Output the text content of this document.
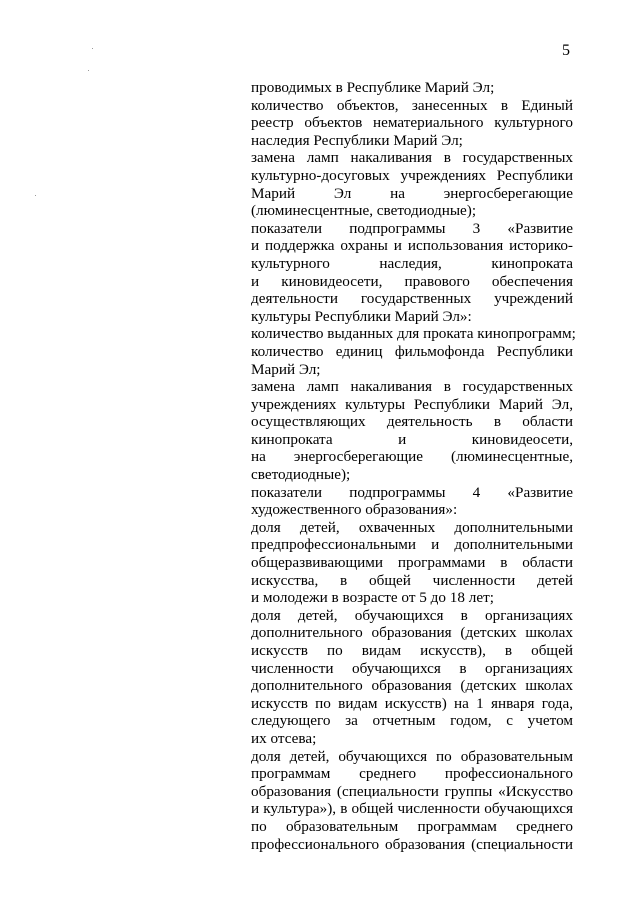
5
проводимых в Республике Марий Эл;
количество объектов, занесенных в Единый
реестр объектов нематериального культурного
наследия Республики Марий Эл;
замена ламп накаливания в государственных
культурно-досуговых учреждениях Республики
Марий Эл на энергосберегающие
(люминесцентные, светодиодные);
показатели подпрограммы 3 «Развитие
и поддержка охраны и использования историко-
культурного наследия, кинопроката
и киновидеосети, правового обеспечения
деятельности государственных учреждений
культуры Республики Марий Эл»:
количество выданных для проката кинопрограмм;
количество единиц фильмофонда Республики
Марий Эл;
замена ламп накаливания в государственных
учреждениях культуры Республики Марий Эл,
осуществляющих деятельность в области
кинопроката и киновидеосети,
на энергосберегающие (люминесцентные,
светодиодные);
показатели подпрограммы 4 «Развитие
художественного образования»:
доля детей, охваченных дополнительными
предпрофессиональными и дополнительными
общеразвивающими программами в области
искусства, в общей численности детей
и молодежи в возрасте от 5 до 18 лет;
доля детей, обучающихся в организациях
дополнительного образования (детских школах
искусств по видам искусств), в общей
численности обучающихся в организациях
дополнительного образования (детских школах
искусств по видам искусств) на 1 января года,
следующего за отчетным годом, с учетом
их отсева;
доля детей, обучающихся по образовательным
программам среднего профессионального
образования (специальности группы «Искусство
и культура»), в общей численности обучающихся
по образовательным программам среднего
профессионального образования (специальности
